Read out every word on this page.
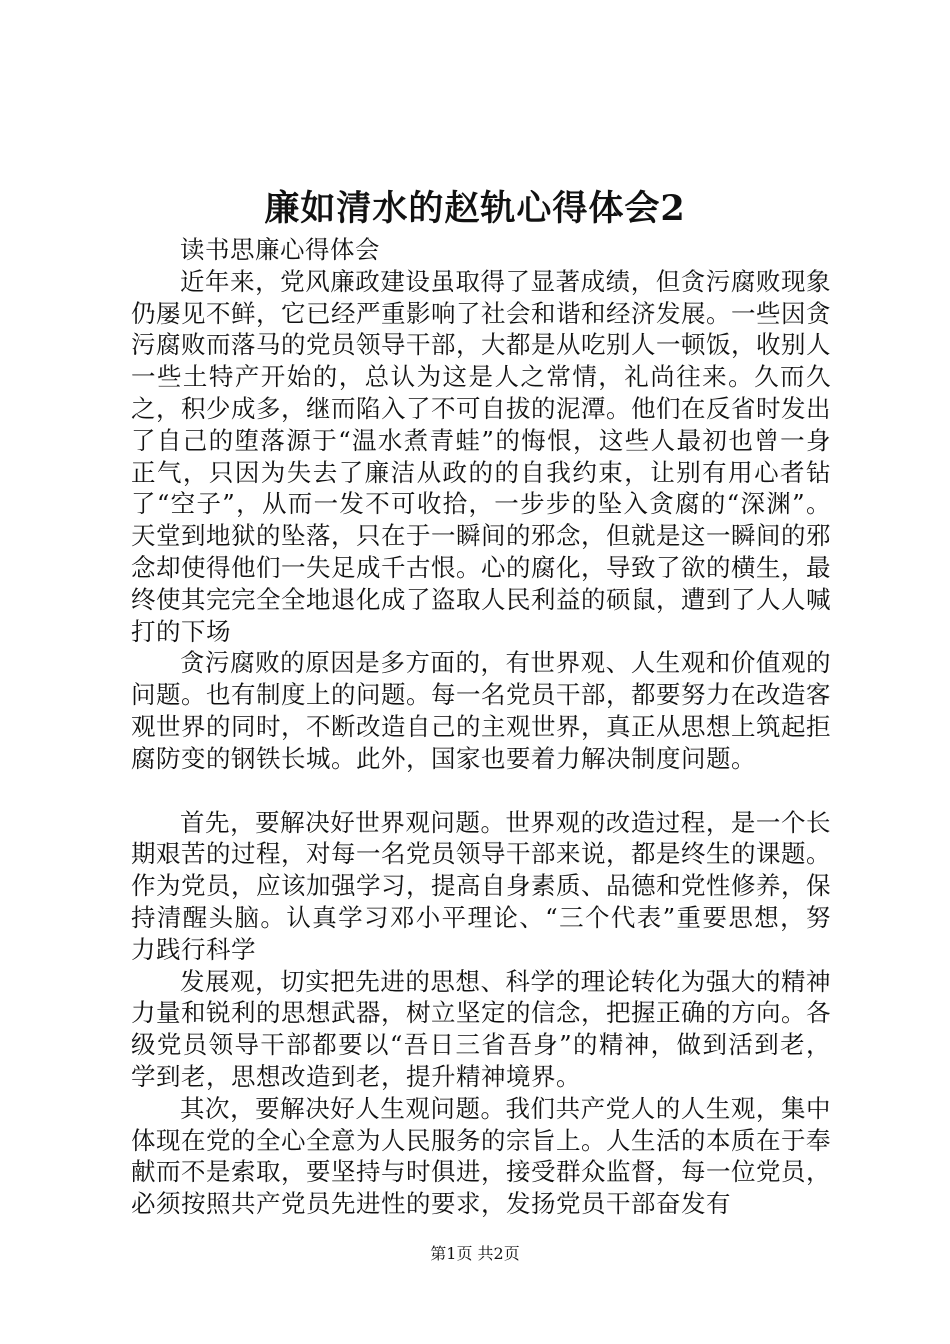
廉如清水的赵轨心得体会2

读书思廉心得体会

近年来，党风廉政建设虽取得了显著成绩，但贪污腐败现象仍屡见不鲜，它已经严重影响了社会和谐和经济发展。一些因贪污腐败而落马的党员领导干部，大都是从吃别人一顿饭，收别人一些土特产开始的，总认为这是人之常情，礼尚往来。久而久之，积少成多，继而陷入了不可自拔的泥潭。他们在反省时发出了自己的堕落源于“温水煮青蛙”的悔恨，这些人最初也曾一身正气，只因为失去了廉洁从政的的自我约束，让别有用心者钻了“空子”，从而一发不可收拾，一步步的坠入贪腐的“深渊”。天堂到地狱的坠落，只在于一瞬间的邪念，但就是这一瞬间的邪念却使得他们一失足成千古恨。心的腐化，导致了欲的横生，最终使其完完全全地退化成了盗取人民利益的硕鼠，遭到了人人喊打的下场

贪污腐败的原因是多方面的，有世界观、人生观和价值观的问题。也有制度上的问题。每一名党员干部，都要努力在改造客观世界的同时，不断改造自己的主观世界，真正从思想上筑起拒腐防变的钢铁长城。此外，国家也要着力解决制度问题。

首先，要解决好世界观问题。世界观的改造过程，是一个长期艰苦的过程，对每一名党员领导干部来说，都是终生的课题。作为党员，应该加强学习，提高自身素质、品德和党性修养，保持清醒头脑。认真学习邓小平理论、“三个代表”重要思想，努力践行科学

发展观，切实把先进的思想、科学的理论转化为强大的精神力量和锐利的思想武器，树立坚定的信念，把握正确的方向。各级党员领导干部都要以“吾日三省吾身”的精神，做到活到老，学到老，思想改造到老，提升精神境界。

其次，要解决好人生观问题。我们共产党人的人生观，集中体现在党的全心全意为人民服务的宗旨上。人生活的本质在于奉献而不是索取，要坚持与时俱进，接受群众监督，每一位党员，必须按照共产党员先进性的要求，发扬党员干部奋发有

第1页 共2页
